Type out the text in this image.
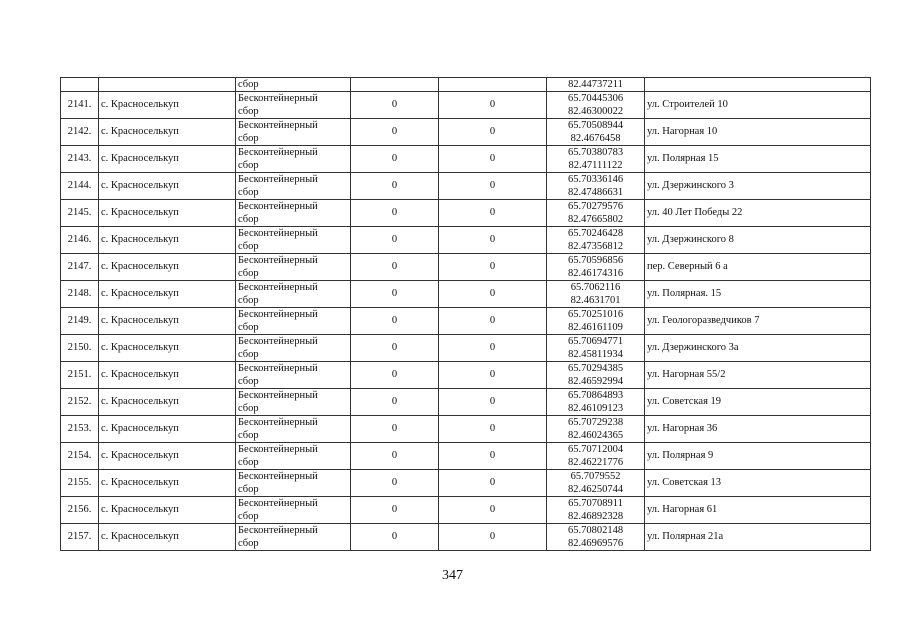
		сбор			82.44737211	
2141.	с. Красноселькуп	Бесконтейнерный
сбор	0	0	65.70445306
82.46300022	ул. Строителей 10
2142.	с. Красноселькуп	Бесконтейнерный
сбор	0	0	65.70508944
82.4676458	ул. Нагорная 10
2143.	с. Красноселькуп	Бесконтейнерный
сбор	0	0	65.70380783
82.47111122	ул. Полярная 15
2144.	с. Красноселькуп	Бесконтейнерный
сбор	0	0	65.70336146
82.47486631	ул. Дзержинского 3
2145.	с. Красноселькуп	Бесконтейнерный
сбор	0	0	65.70279576
82.47665802	ул. 40 Лет Победы 22
2146.	с. Красноселькуп	Бесконтейнерный
сбор	0	0	65.70246428
82.47356812	ул. Дзержинского 8
2147.	с. Красноселькуп	Бесконтейнерный
сбор	0	0	65.70596856
82.46174316	пер. Северный 6 а
2148.	с. Красноселькуп	Бесконтейнерный
сбор	0	0	65.7062116
82.4631701	ул. Полярная. 15
2149.	с. Красноселькуп	Бесконтейнерный
сбор	0	0	65.70251016
82.46161109	ул. Геологоразведчиков 7
2150.	с. Красноселькуп	Бесконтейнерный
сбор	0	0	65.70694771
82.45811934	ул. Дзержинского 3а
2151.	с. Красноселькуп	Бесконтейнерный
сбор	0	0	65.70294385
82.46592994	ул. Нагорная 55/2
2152.	с. Красноселькуп	Бесконтейнерный
сбор	0	0	65.70864893
82.46109123	ул. Советская 19
2153.	с. Красноселькуп	Бесконтейнерный
сбор	0	0	65.70729238
82.46024365	ул. Нагорная 36
2154.	с. Красноселькуп	Бесконтейнерный
сбор	0	0	65.70712004
82.46221776	ул. Полярная 9
2155.	с. Красноселькуп	Бесконтейнерный
сбор	0	0	65.7079552
82.46250744	ул. Советская 13
2156.	с. Красноселькуп	Бесконтейнерный
сбор	0	0	65.70708911
82.46892328	ул. Нагорная 61
2157.	с. Красноселькуп	Бесконтейнерный
сбор	0	0	65.70802148
82.46969576	ул. Полярная 21а
347
